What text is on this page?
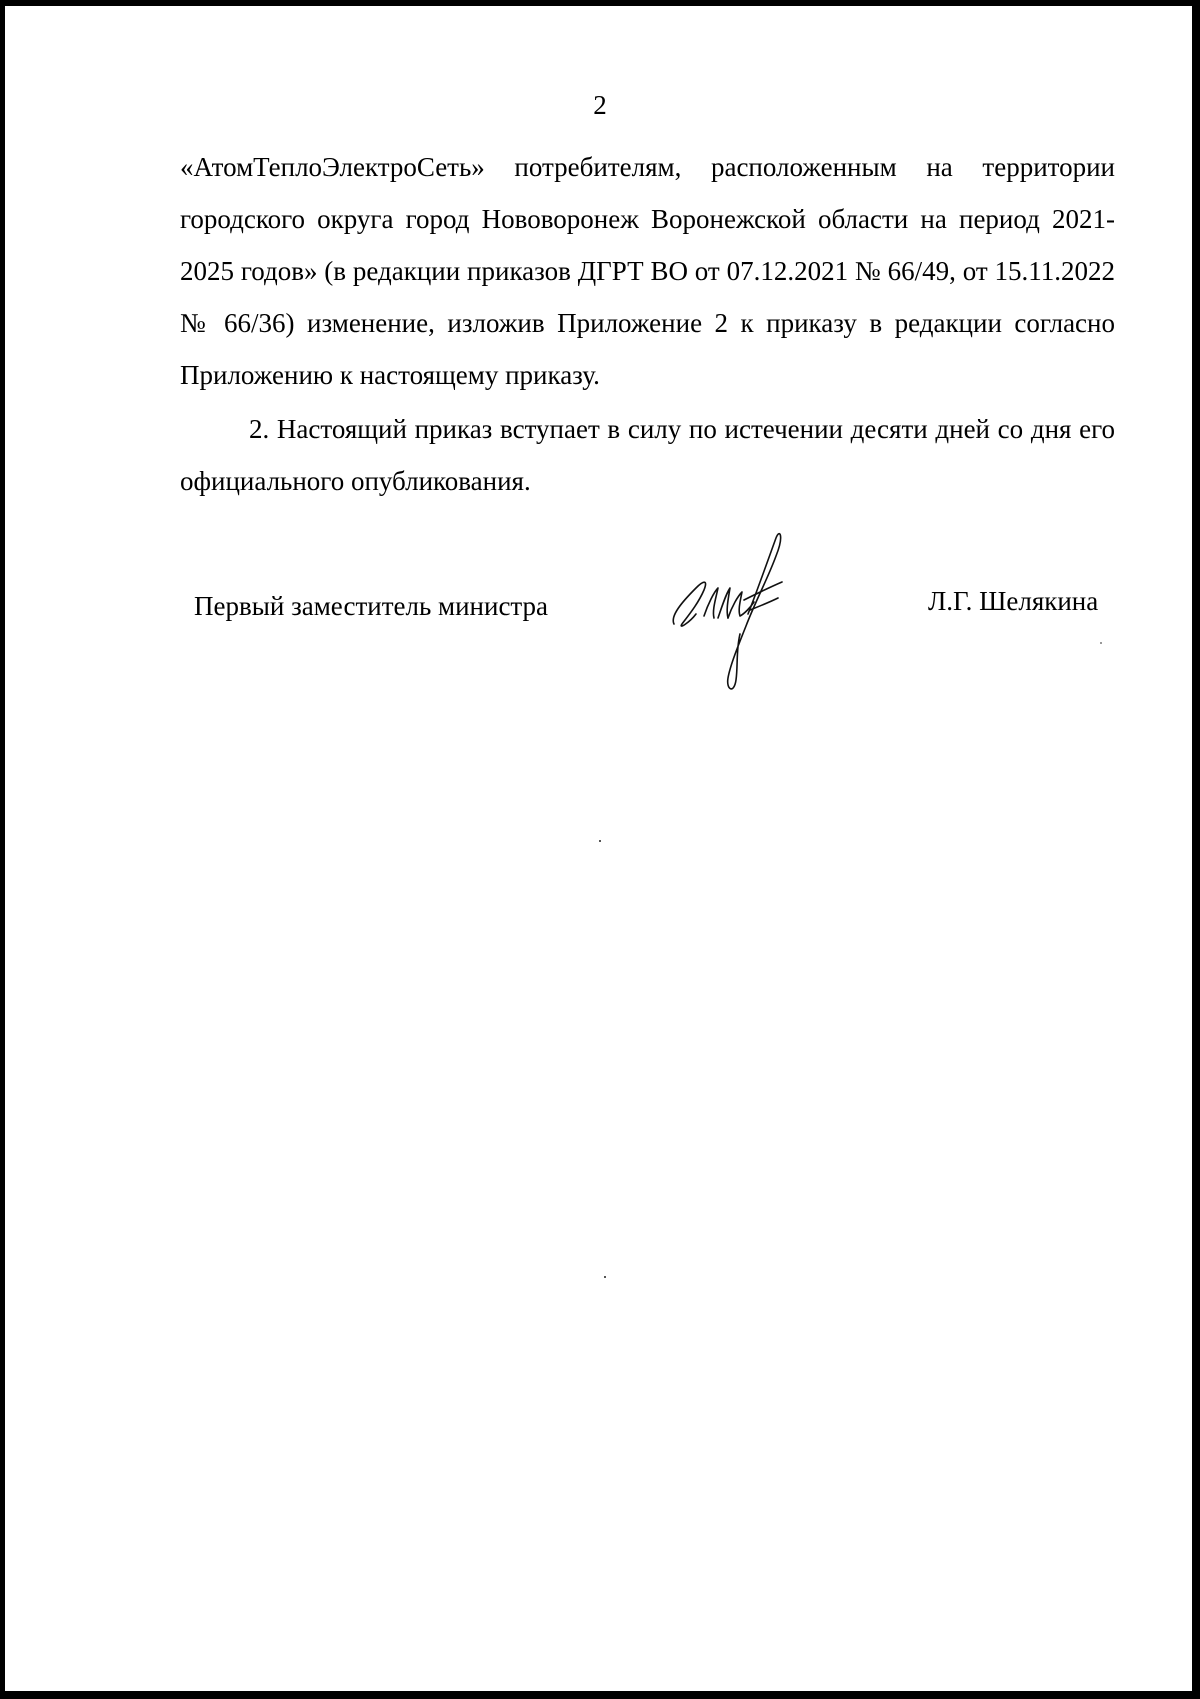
2

«АтомТеплоЭлектроСеть» потребителям, расположенным на территории городского округа город Нововоронеж Воронежской области на период 2021-2025 годов» (в редакции приказов ДГРТ ВО от 07.12.2021 № 66/49, от 15.11.2022 № 66/36) изменение, изложив Приложение 2 к приказу в редакции согласно Приложению к настоящему приказу.

2. Настоящий приказ вступает в силу по истечении десяти дней со дня его официального опубликования.

Первый заместитель министра	Л.Г. Шелякина
